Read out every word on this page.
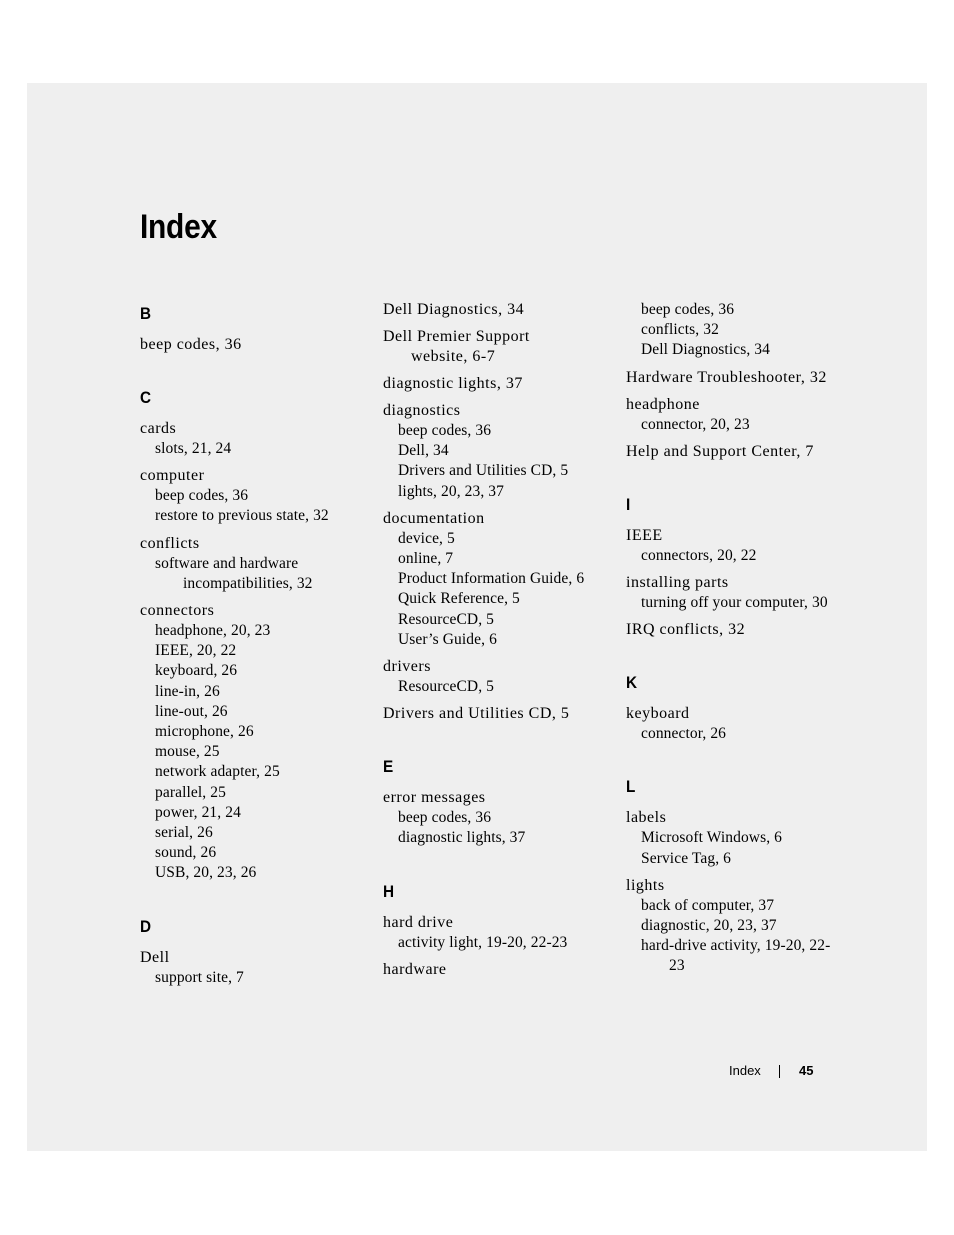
Index
B
beep codes, 36
C
cards
slots, 21, 24
computer
beep codes, 36
restore to previous state, 32
conflicts
software and hardware
incompatibilities, 32
connectors
headphone, 20, 23
IEEE, 20, 22
keyboard, 26
line-in, 26
line-out, 26
microphone, 26
mouse, 25
network adapter, 25
parallel, 25
power, 21, 24
serial, 26
sound, 26
USB, 20, 23, 26
D
Dell
support site, 7
Dell Diagnostics, 34
Dell Premier Support
website, 6-7
diagnostic lights, 37
diagnostics
beep codes, 36
Dell, 34
Drivers and Utilities CD, 5
lights, 20, 23, 37
documentation
device, 5
online, 7
Product Information Guide, 6
Quick Reference, 5
ResourceCD, 5
User’s Guide, 6
drivers
ResourceCD, 5
Drivers and Utilities CD, 5
E
error messages
beep codes, 36
diagnostic lights, 37
H
hard drive
activity light, 19-20, 22-23
hardware
beep codes, 36
conflicts, 32
Dell Diagnostics, 34
Hardware Troubleshooter, 32
headphone
connector, 20, 23
Help and Support Center, 7
I
IEEE
connectors, 20, 22
installing parts
turning off your computer, 30
IRQ conflicts, 32
K
keyboard
connector, 26
L
labels
Microsoft Windows, 6
Service Tag, 6
lights
back of computer, 37
diagnostic, 20, 23, 37
hard-drive activity, 19-20, 22-
23
Index	45
